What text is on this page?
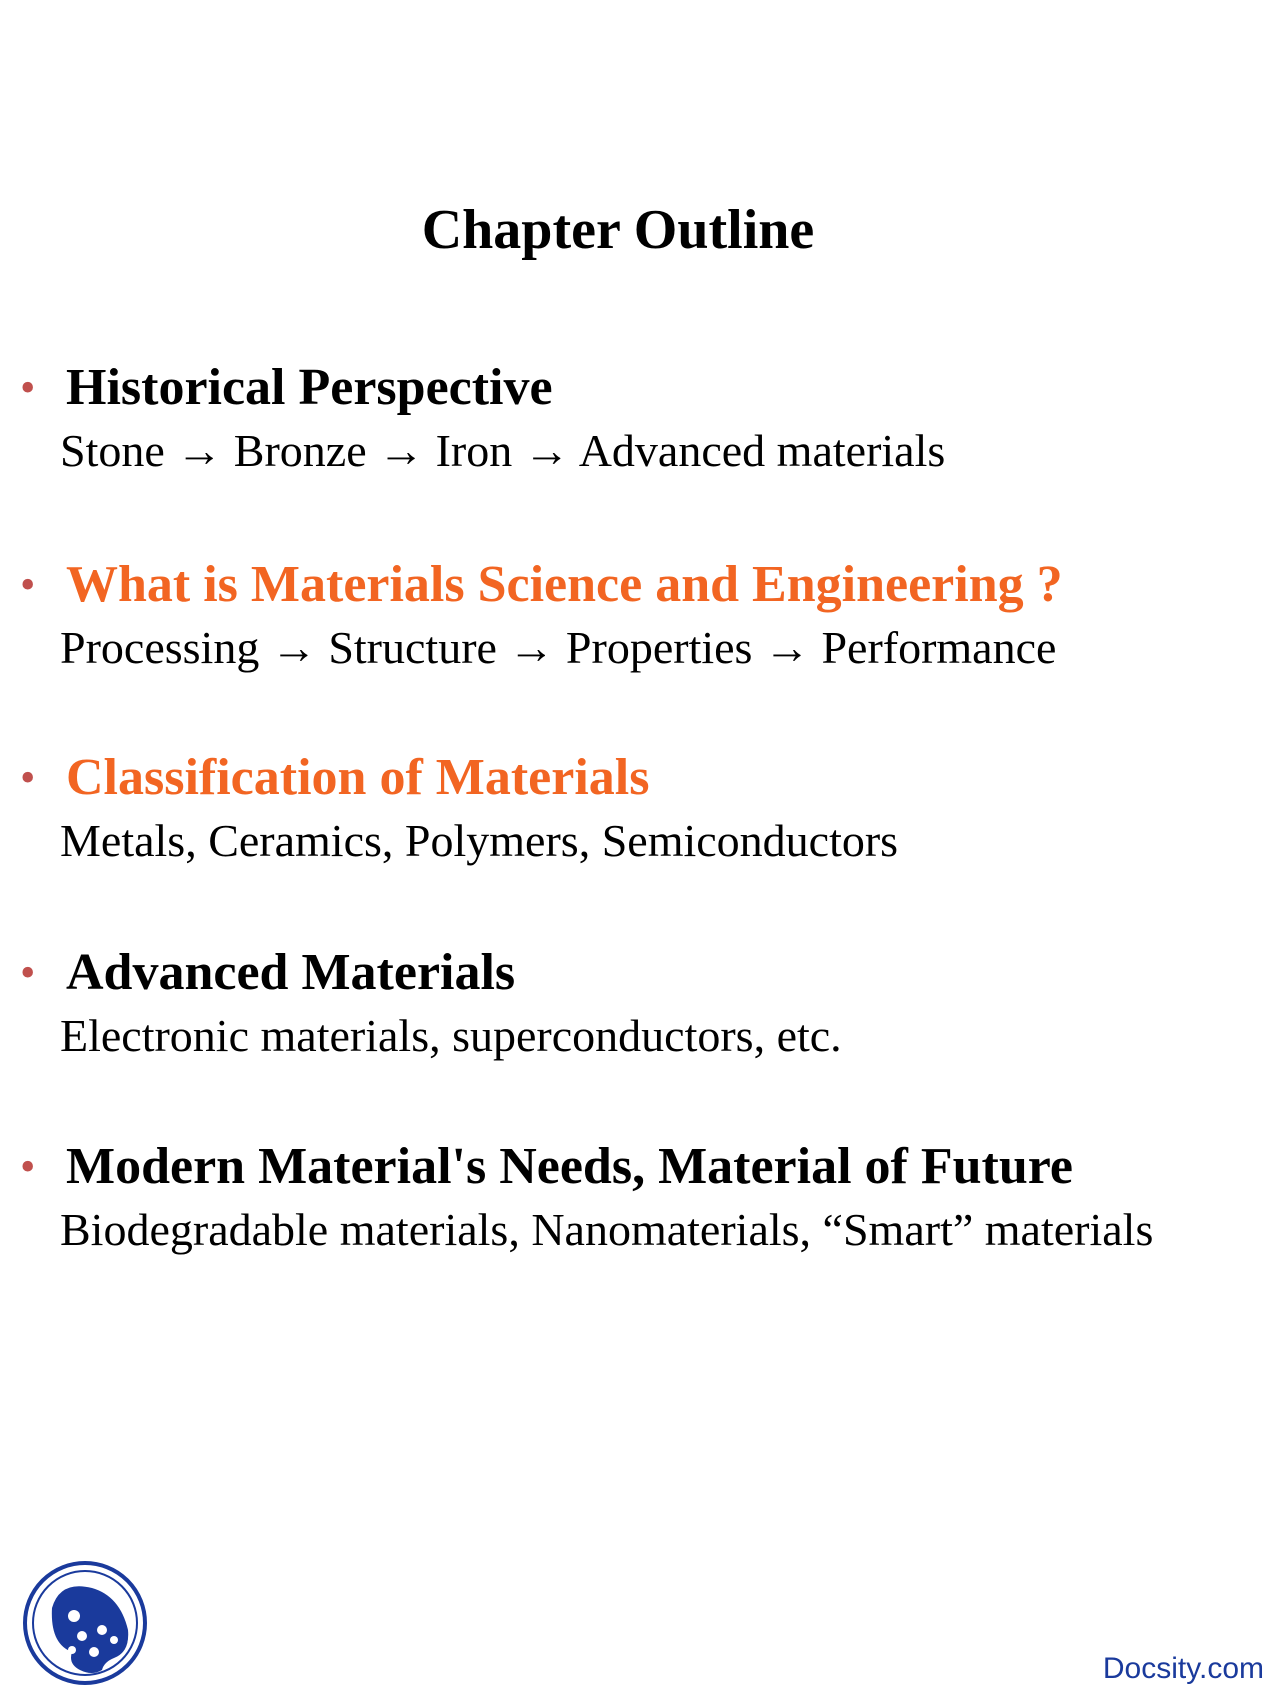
Chapter Outline
• Historical Perspective
Stone → Bronze → Iron → Advanced materials
• What is Materials Science and Engineering ?
Processing → Structure → Properties → Performance
• Classification of Materials
Metals, Ceramics, Polymers, Semiconductors
• Advanced Materials
Electronic materials, superconductors, etc.
• Modern Material's Needs, Material of Future
Biodegradable materials, Nanomaterials, “Smart” materials
Docsity.com
